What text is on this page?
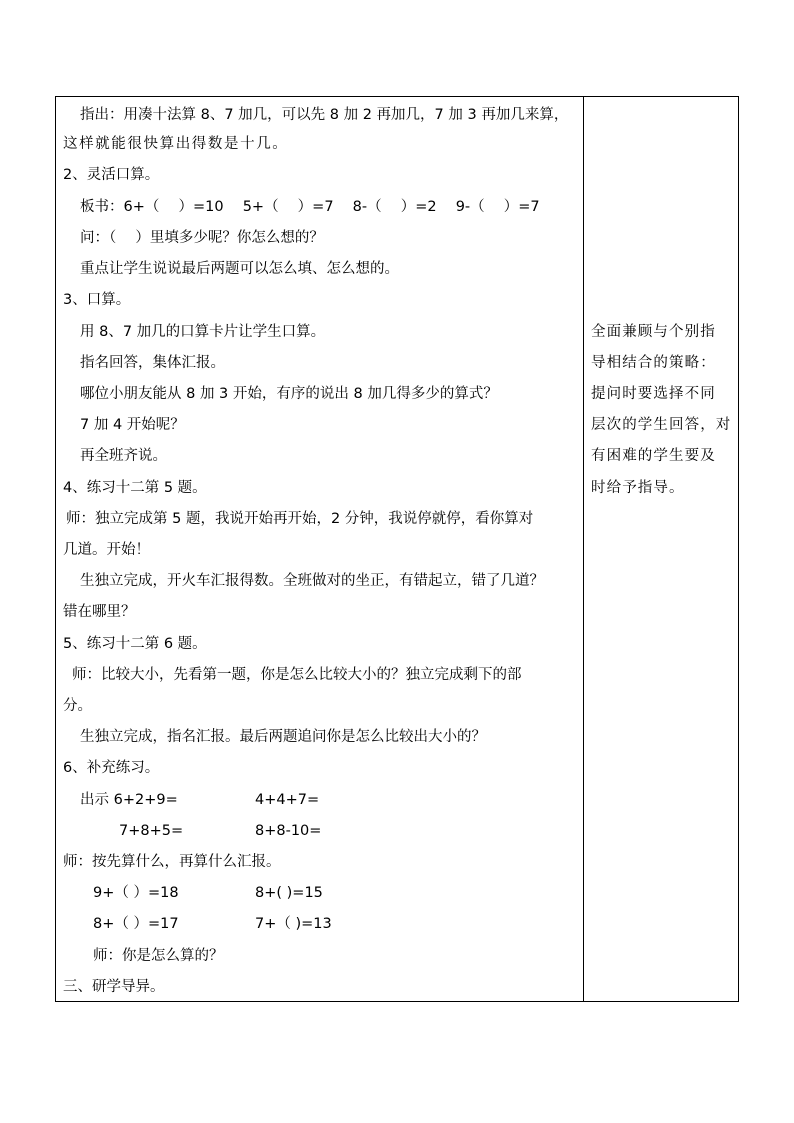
指出：用凑十法算 8、7 加几，可以先 8 加 2 再加几，7 加 3 再加几来算，
这样就能很快算出得数是十几。
2、灵活口算。
板书：6+（　 ）=10　 5+（　 ）=7　 8-（　 ）=2　 9-（　 ）=7
问：（　 ）里填多少呢？你怎么想的？
重点让学生说说最后两题可以怎么填、怎么想的。
3、口算。
用 8、7 加几的口算卡片让学生口算。
指名回答，集体汇报。
哪位小朋友能从 8 加 3 开始，有序的说出 8 加几得多少的算式？
7 加 4 开始呢？
再全班齐说。
4、练习十二第 5 题。
师：独立完成第 5 题，我说开始再开始，2 分钟，我说停就停，看你算对
几道。开始！
生独立完成，开火车汇报得数。全班做对的坐正，有错起立，错了几道？
错在哪里？
5、练习十二第 6 题。
师：比较大小，先看第一题，你是怎么比较大小的？独立完成剩下的部
分。
生独立完成，指名汇报。最后两题追问你是怎么比较出大小的？
6、补充练习。
出示 6+2+9=	4+4+7=
7+8+5=	8+8-10=
师：按先算什么，再算什么汇报。
9+（ ）=18	8+( )=15
8+（ ）=17	7+（ )=13
师：你是怎么算的？
三、研学导异。
全面兼顾与个别指
导相结合的策略：
提问时要选择不同
层次的学生回答，对
有困难的学生要及
时给予指导。
